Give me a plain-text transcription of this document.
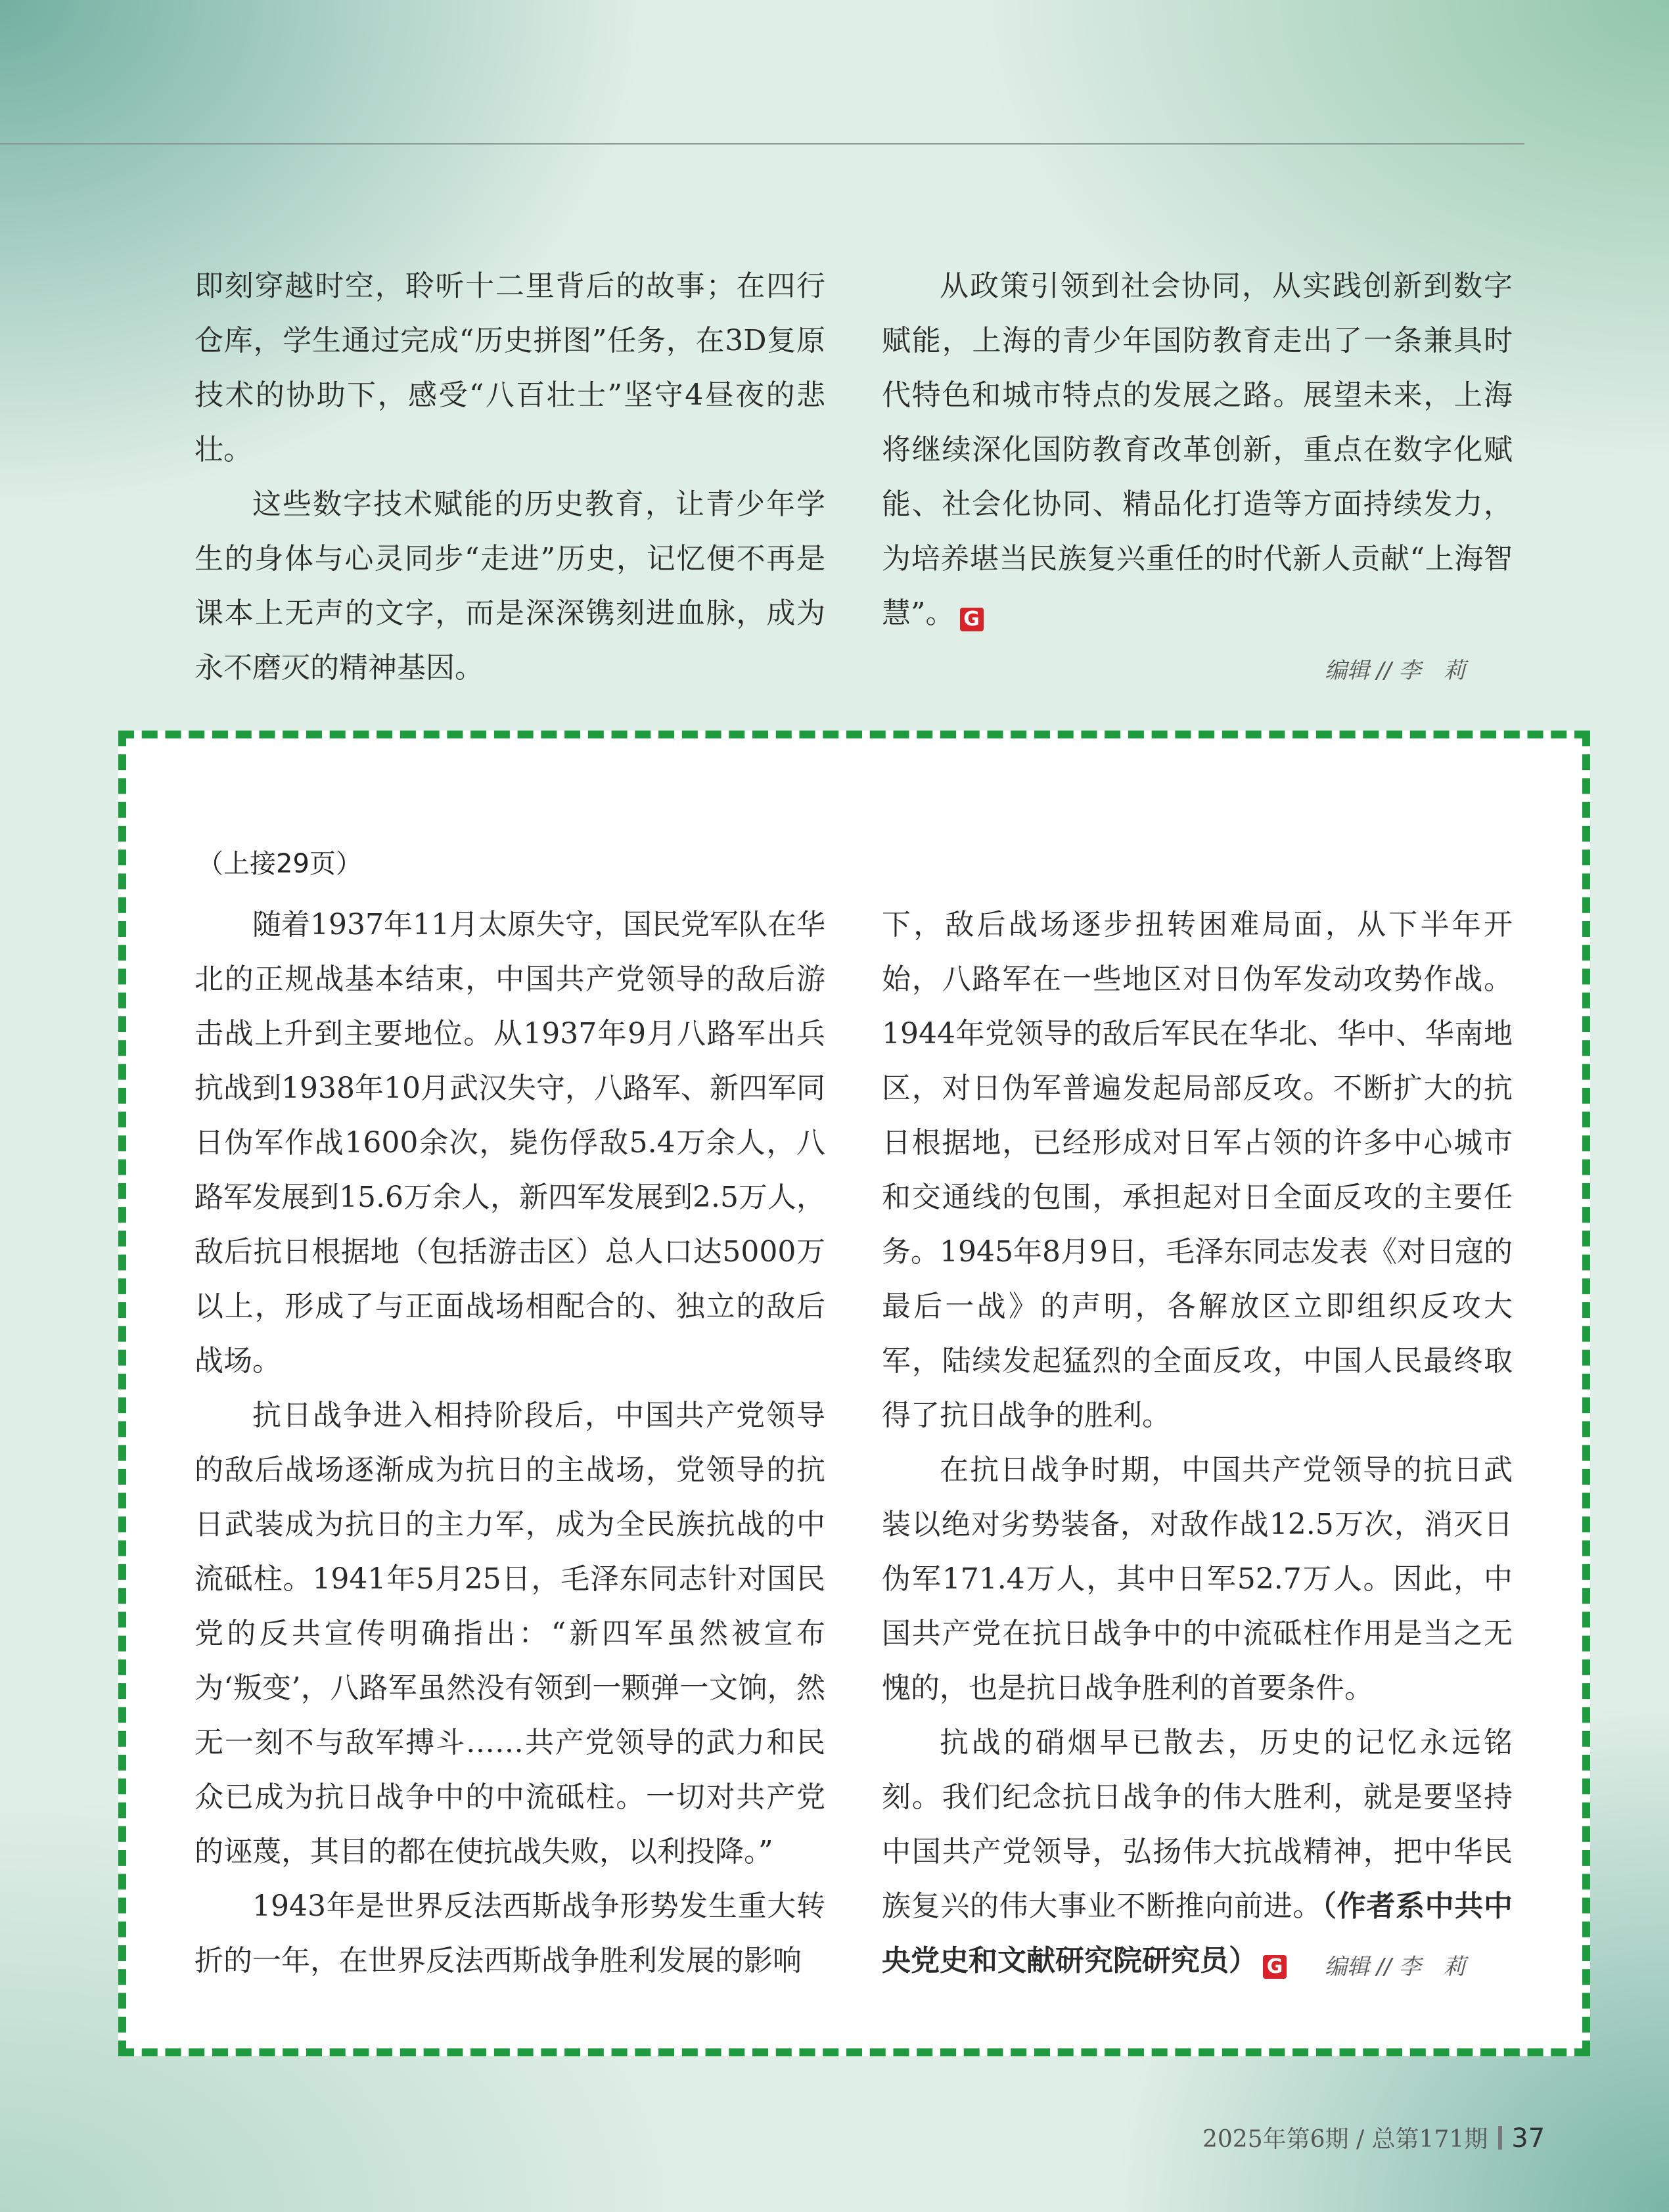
即刻穿越时空，聆听十二里背后的故事；在四行仓库，学生通过完成“历史拼图”任务，在3D复原技术的协助下，感受“八百壮士”坚守4昼夜的悲壮。

这些数字技术赋能的历史教育，让青少年学生的身体与心灵同步“走进”历史，记忆便不再是课本上无声的文字，而是深深镌刻进血脉，成为永不磨灭的精神基因。

从政策引领到社会协同，从实践创新到数字赋能，上海的青少年国防教育走出了一条兼具时代特色和城市特点的发展之路。展望未来，上海将继续深化国防教育改革创新，重点在数字化赋能、社会化协同、精品化打造等方面持续发力，为培养堪当民族复兴重任的时代新人贡献“上海智慧”。 G

编辑 // 李　莉
（上接29页）

随着1937年11月太原失守，国民党军队在华北的正规战基本结束，中国共产党领导的敌后游击战上升到主要地位。从1937年9月八路军出兵抗战到1938年10月武汉失守，八路军、新四军同日伪军作战1600余次，毙伤俘敌5.4万余人，八路军发展到15.6万余人，新四军发展到2.5万人，敌后抗日根据地（包括游击区）总人口达5000万以上，形成了与正面战场相配合的、独立的敌后战场。

抗日战争进入相持阶段后，中国共产党领导的敌后战场逐渐成为抗日的主战场，党领导的抗日武装成为抗日的主力军，成为全民族抗战的中流砥柱。1941年5月25日，毛泽东同志针对国民党的反共宣传明确指出：“新四军虽然被宣布为‘叛变’，八路军虽然没有领到一颗弹一文饷，然无一刻不与敌军搏斗……共产党领导的武力和民众已成为抗日战争中的中流砥柱。一切对共产党的诬蔑，其目的都在使抗战失败，以利投降。”

1943年是世界反法西斯战争形势发生重大转折的一年，在世界反法西斯战争胜利发展的影响

下，敌后战场逐步扭转困难局面，从下半年开始，八路军在一些地区对日伪军发动攻势作战。1944年党领导的敌后军民在华北、华中、华南地区，对日伪军普遍发起局部反攻。不断扩大的抗日根据地，已经形成对日军占领的许多中心城市和交通线的包围，承担起对日全面反攻的主要任务。1945年8月9日，毛泽东同志发表《对日寇的最后一战》的声明，各解放区立即组织反攻大军，陆续发起猛烈的全面反攻，中国人民最终取得了抗日战争的胜利。

在抗日战争时期，中国共产党领导的抗日武装以绝对劣势装备，对敌作战12.5万次，消灭日伪军171.4万人，其中日军52.7万人。因此，中国共产党在抗日战争中的中流砥柱作用是当之无愧的，也是抗日战争胜利的首要条件。

抗战的硝烟早已散去，历史的记忆永远铭刻。我们纪念抗日战争的伟大胜利，就是要坚持中国共产党领导，弘扬伟大抗战精神，把中华民族复兴的伟大事业不断推向前进。（作者系中共中央党史和文献研究院研究员） G	编辑 // 李　莉
2025年第6期 / 总第171期 37
